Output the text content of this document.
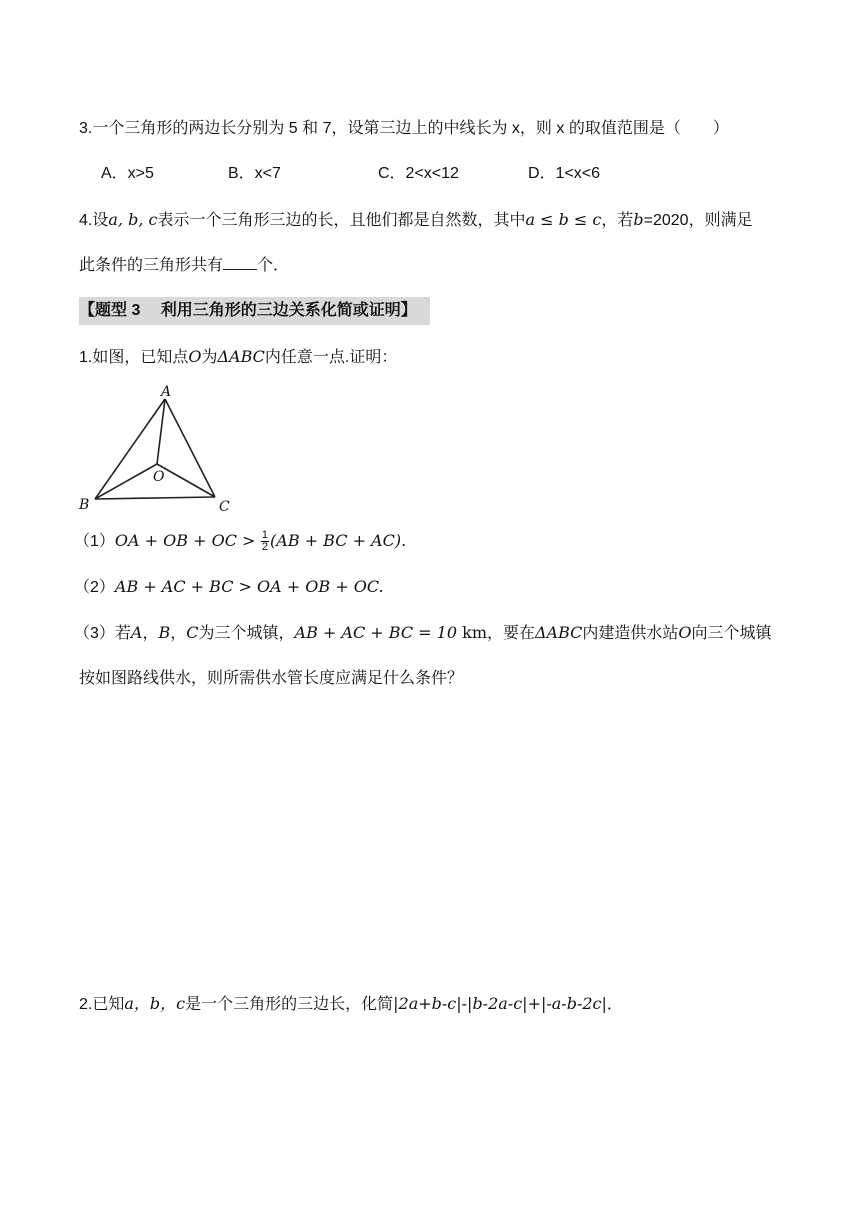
3.一个三角形的两边长分别为 5 和 7，设第三边上的中线长为 x，则 x 的取值范围是（　　）
A．x>5	B．x<7	C．2<x<12	D．1<x<6
4.设a, b, c表示一个三角形三边的长，且他们都是自然数，其中a ≤ b ≤ c，若b=2020，则满足
此条件的三角形共有 个．
【题型 3　 利用三角形的三边关系化简或证明】
1.如图，已知点O为ΔABC内任意一点.证明：
A
B	C
O
（1）OA + OB + OC > $\frac{1}{2} (AB$ + BC + AC).
（2）AB + AC + BC > OA + OB + OC.
（3）若A，B，C为三个城镇，AB + AC + BC = 10 km，要在ΔABC内建造供水站O向三个城镇
按如图路线供水，则所需供水管长度应满足什么条件？
2.已知a，b，c是一个三角形的三边长，化简|2a+b-c|-|b-2a-c|+|-a-b-2c|．
